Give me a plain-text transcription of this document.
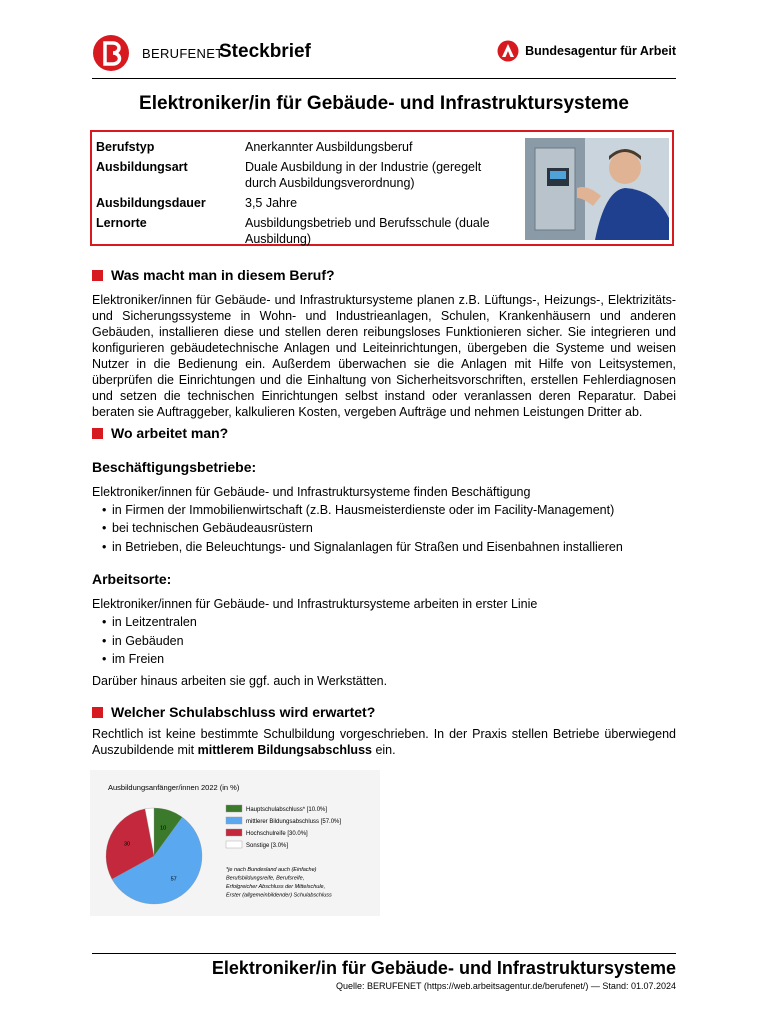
BERUFENET
Steckbrief	Bundesagentur für Arbeit
Elektroniker/in für Gebäude- und Infrastruktursysteme
Berufstyp	Anerkannter Ausbildungsberuf
Ausbildungsart	Duale Ausbildung in der Industrie (geregelt durch Ausbildungsverordnung)
Ausbildungsdauer	3,5 Jahre
Lernorte	Ausbildungsbetrieb und Berufsschule (duale Ausbildung)
Was macht man in diesem Beruf?
Elektroniker/innen für Gebäude- und Infrastruktursysteme planen z.B. Lüftungs-, Heizungs-, Elektrizitäts- und Sicherungssysteme in Wohn- und Industrieanlagen, Schulen, Krankenhäusern und anderen Gebäuden, installieren diese und stellen deren reibungsloses Funktionieren sicher. Sie integrieren und konfigurieren gebäudetechnische Anlagen und Leiteinrichtungen, übergeben die Systeme und weisen Nutzer in die Bedienung ein. Außerdem überwachen sie die Anlagen mit Hilfe von Leitsystemen, überprüfen die Einrichtungen und die Einhaltung von Sicherheitsvorschriften, erstellen Fehlerdiagnosen und setzen die technischen Einrichtungen selbst instand oder veranlassen deren Reparatur. Dabei beraten sie Auftraggeber, kalkulieren Kosten, vergeben Aufträge und nehmen Leistungen Dritter ab.
Wo arbeitet man?
Beschäftigungsbetriebe:
Elektroniker/innen für Gebäude- und Infrastruktursysteme finden Beschäftigung
• in Firmen der Immobilienwirtschaft (z.B. Hausmeisterdienste oder im Facility-Management)
• bei technischen Gebäudeausrüstern
• in Betrieben, die Beleuchtungs- und Signalanlagen für Straßen und Eisenbahnen installieren
Arbeitsorte:
Elektroniker/innen für Gebäude- und Infrastruktursysteme arbeiten in erster Linie
• in Leitzentralen
• in Gebäuden
• im Freien
Darüber hinaus arbeiten sie ggf. auch in Werkstätten.
Welcher Schulabschluss wird erwartet?
Rechtlich ist keine bestimmte Schulbildung vorgeschrieben. In der Praxis stellen Betriebe überwiegend Auszubildende mit mittlerem Bildungsabschluss ein.
Ausbildungsanfänger/innen 2022 (in %)
10
57
30
Hauptschulabschluss* [10.0%]
mittlerer Bildungsabschluss [57.0%]
Hochschulreife [30.0%]
Sonstige [3.0%]
*je nach Bundesland auch (Einfache)
Berufsbildungsreife, Berufsreife,
Erfolgreicher Abschluss der Mittelschule,
Erster (allgemeinbildender) Schulabschluss
Elektroniker/in für Gebäude- und Infrastruktursysteme
Quelle: BERUFENET (https://web.arbeitsagentur.de/berufenet/) — Stand: 01.07.2024
